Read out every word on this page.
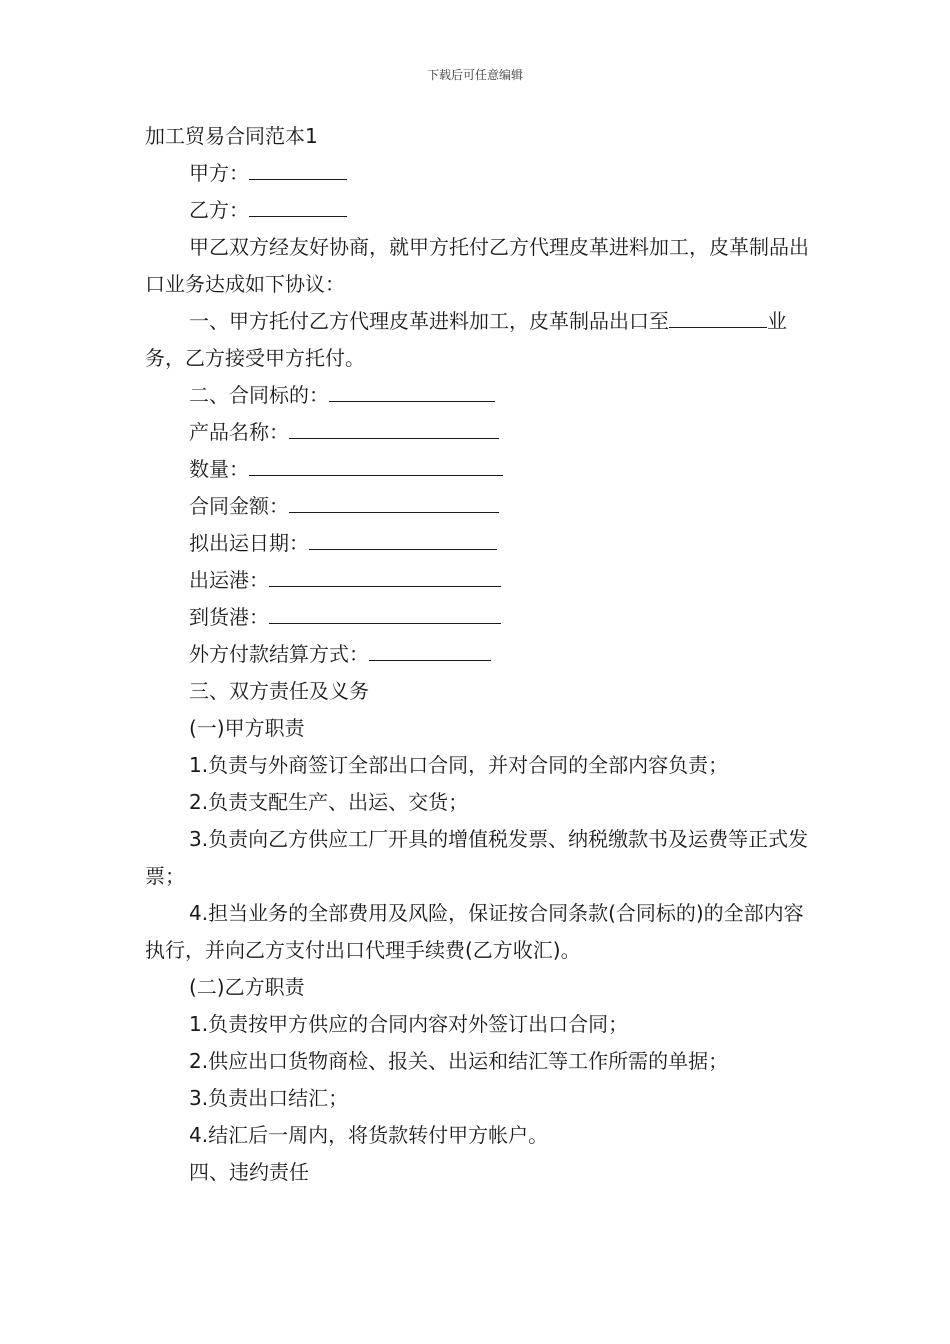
下载后可任意编辑

加工贸易合同范本1

甲方：

乙方：

甲乙双方经友好协商，就甲方托付乙方代理皮革进料加工，皮革制品出口业务达成如下协议：

一、甲方托付乙方代理皮革进料加工，皮革制品出口至	业务，乙方接受甲方托付。

二、合同标的：

产品名称：

数量：

合同金额：

拟出运日期：

出运港：

到货港：

外方付款结算方式：

三、双方责任及义务

(一)甲方职责

1.负责与外商签订全部出口合同，并对合同的全部内容负责；

2.负责支配生产、出运、交货；

3.负责向乙方供应工厂开具的增值税发票、纳税缴款书及运费等正式发票；

4.担当业务的全部费用及风险，保证按合同条款(合同标的)的全部内容执行，并向乙方支付出口代理手续费(乙方收汇)。

(二)乙方职责

1.负责按甲方供应的合同内容对外签订出口合同；

2.供应出口货物商检、报关、出运和结汇等工作所需的单据；

3.负责出口结汇；

4.结汇后一周内，将货款转付甲方帐户。

四、违约责任
